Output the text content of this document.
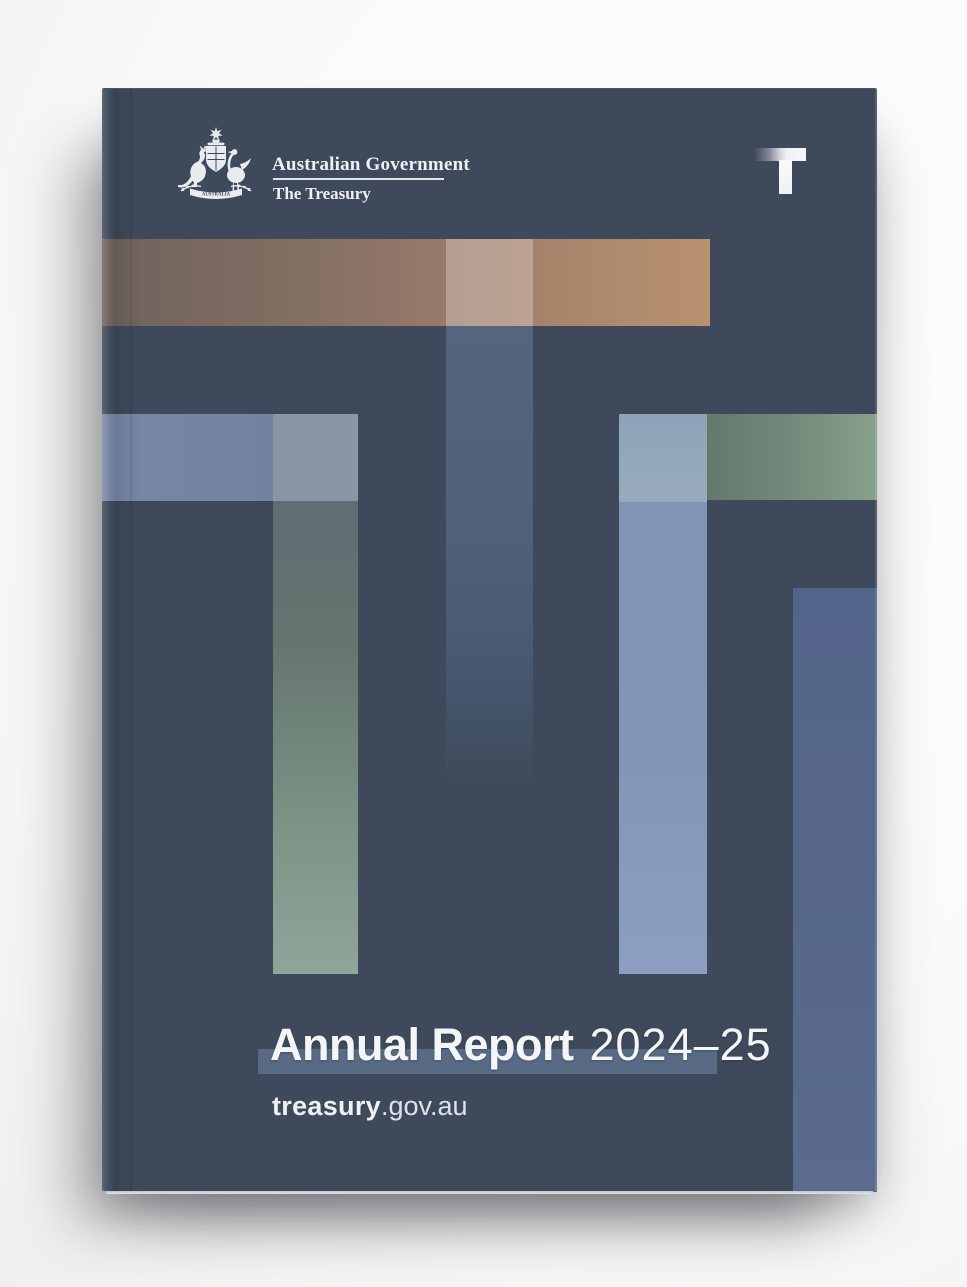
AUSTRALIA
Australian Government
The Treasury
Annual Report 2024–25
treasury.gov.au
